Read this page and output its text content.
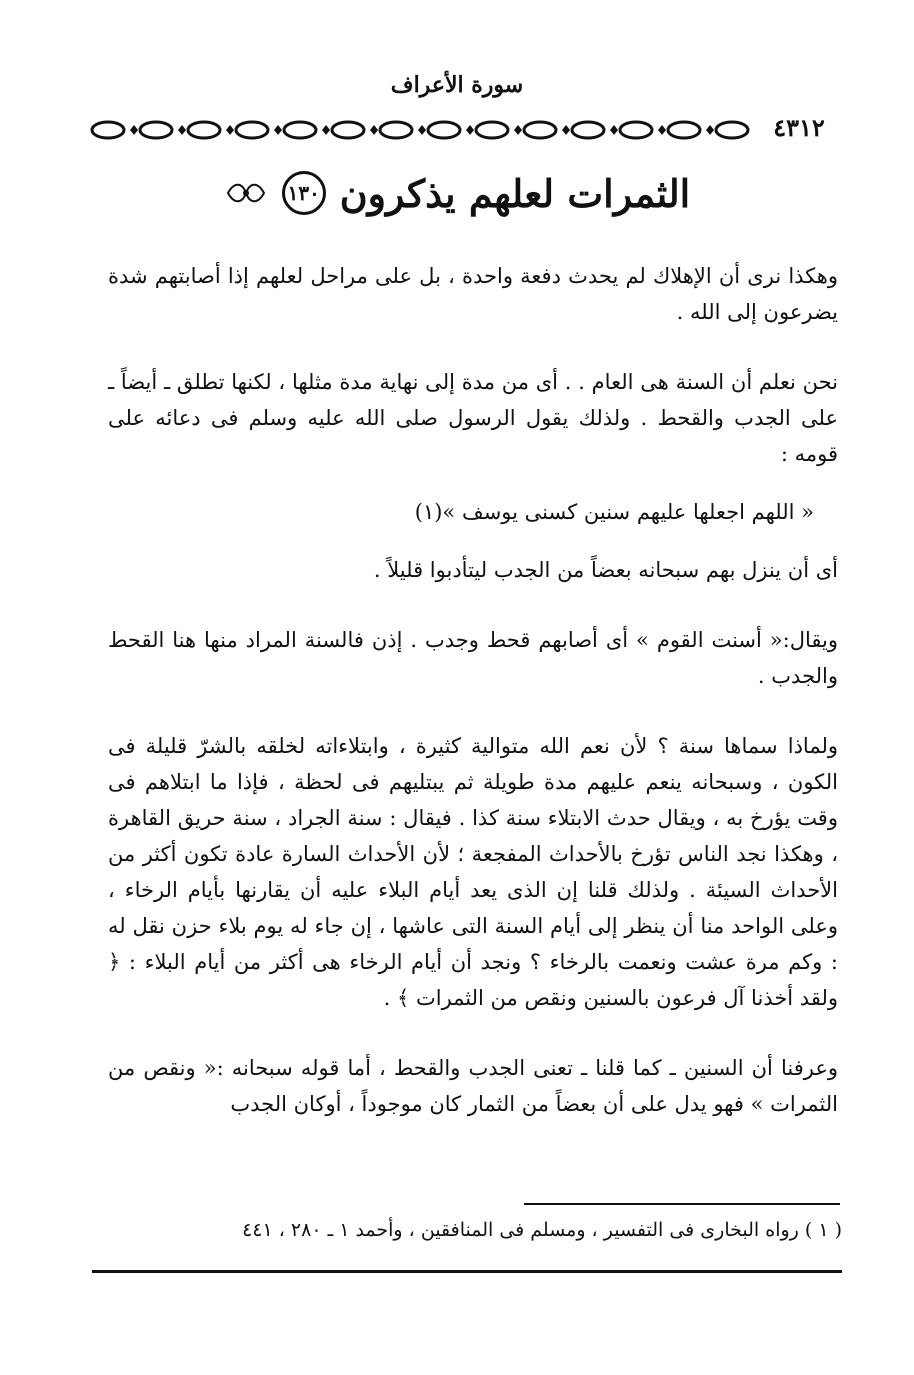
سورة الأعراف
٤٣١٢
الثمرات لعلهم يذكرون
١٣٠

وهكذا نرى أن الإهلاك لم يحدث دفعة واحدة ، بل على مراحل لعلهم إذا أصابتهم شدة يضرعون إلى الله .

نحن نعلم أن السنة هى العام . . أى من مدة إلى نهاية مدة مثلها ، لكنها تطلق ـ أيضاً ـ على الجدب والقحط . ولذلك يقول الرسول صلى الله عليه وسلم فى دعائه على قومه :

« اللهم اجعلها عليهم سنين كسنى يوسف »(١)

أى أن ينزل بهم سبحانه بعضاً من الجدب ليتأدبوا قليلاً .

ويقال:« أسنت القوم » أى أصابهم قحط وجدب . إذن فالسنة المراد منها هنا القحط والجدب .

ولماذا سماها سنة ؟ لأن نعم الله متوالية كثيرة ، وابتلاءاته لخلقه بالشرّ قليلة فى الكون ، وسبحانه ينعم عليهم مدة طويلة ثم يبتليهم فى لحظة ، فإذا ما ابتلاهم فى وقت يؤرخ به ، ويقال حدث الابتلاء سنة كذا . فيقال : سنة الجراد ، سنة حريق القاهرة ، وهكذا نجد الناس تؤرخ بالأحداث المفجعة ؛ لأن الأحداث السارة عادة تكون أكثر من الأحداث السيئة . ولذلك قلنا إن الذى يعد أيام البلاء عليه أن يقارنها بأيام الرخاء ، وعلى الواحد منا أن ينظر إلى أيام السنة التى عاشها ، إن جاء له يوم بلاء حزن نقل له : وكم مرة عشت ونعمت بالرخاء ؟ ونجد أن أيام الرخاء هى أكثر من أيام البلاء : ﴿ ولقد أخذنا آل فرعون بالسنين ونقص من الثمرات ﴾ .

وعرفنا أن السنين ـ كما قلنا ـ تعنى الجدب والقحط ، أما قوله سبحانه :« ونقص من الثمرات » فهو يدل على أن بعضاً من الثمار كان موجوداً ، أوكان الجدب

( ١ ) رواه البخارى فى التفسير ، ومسلم فى المنافقين ، وأحمد ١ ـ ٢٨٠ ، ٤٤١
